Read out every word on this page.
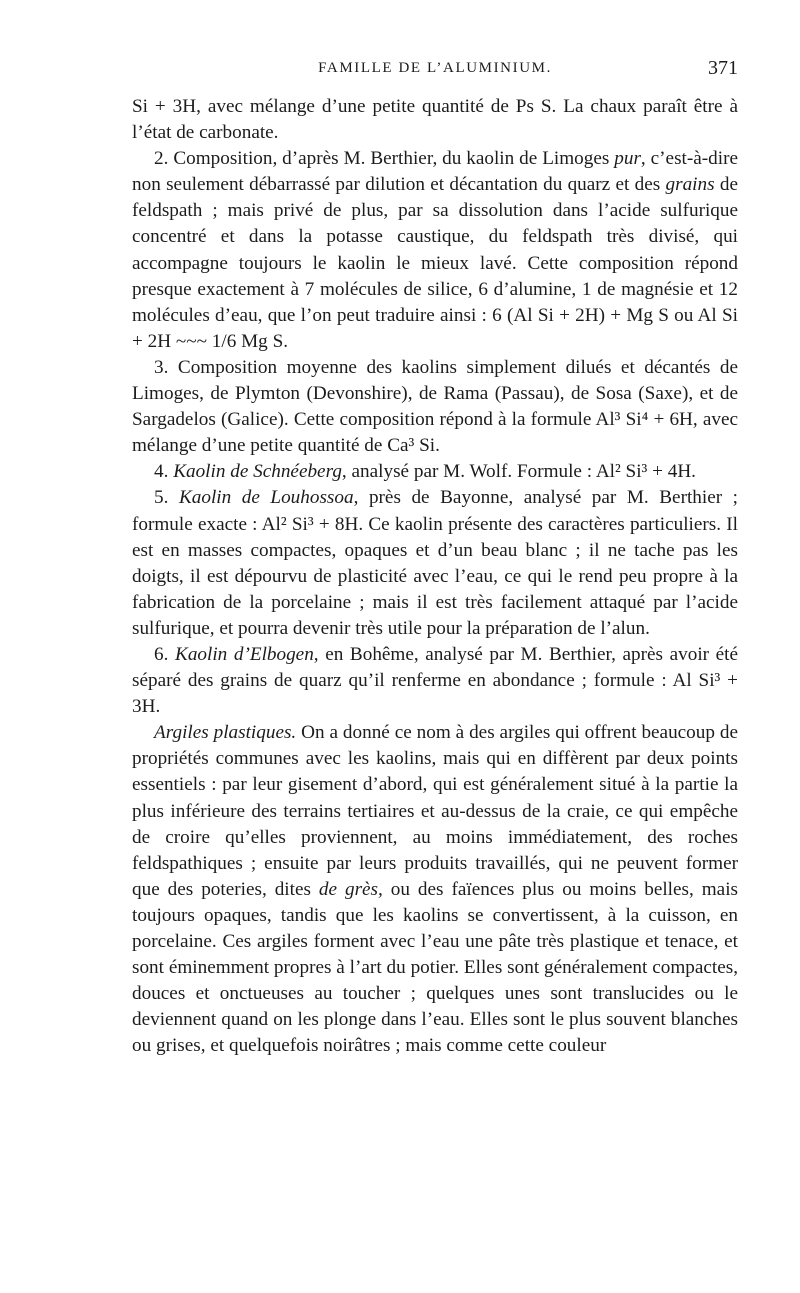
FAMILLE DE L’ALUMINIUM.	371

Si + 3H, avec mélange d’une petite quantité de Ps S. La chaux paraît être à l’état de carbonate.

2. Composition, d’après M. Berthier, du kaolin de Limoges pur, c’est-à-dire non seulement débarrassé par dilution et décantation du quarz et des grains de feldspath ; mais privé de plus, par sa dissolution dans l’acide sulfurique concentré et dans la potasse caustique, du feldspath très divisé, qui accompagne toujours le kaolin le mieux lavé. Cette composition répond presque exactement à 7 molécules de silice, 6 d’alumine, 1 de magnésie et 12 molécules d’eau, que l’on peut traduire ainsi : 6 (Al Si + 2H) + Mg S ou Al Si + 2H ~~~ 1/6 Mg S.

3. Composition moyenne des kaolins simplement dilués et décantés de Limoges, de Plymton (Devonshire), de Rama (Passau), de Sosa (Saxe), et de Sargadelos (Galice). Cette composition répond à la formule Al³ Si⁴ + 6H, avec mélange d’une petite quantité de Ca³ Si.

4. Kaolin de Schnéeberg, analysé par M. Wolf. Formule : Al² Si³ + 4H.

5. Kaolin de Louhossoa, près de Bayonne, analysé par M. Berthier ; formule exacte : Al² Si³ + 8H. Ce kaolin présente des caractères particuliers. Il est en masses compactes, opaques et d’un beau blanc ; il ne tache pas les doigts, il est dépourvu de plasticité avec l’eau, ce qui le rend peu propre à la fabrication de la porcelaine ; mais il est très facilement attaqué par l’acide sulfurique, et pourra devenir très utile pour la préparation de l’alun.

6. Kaolin d’Elbogen, en Bohême, analysé par M. Berthier, après avoir été séparé des grains de quarz qu’il renferme en abondance ; formule : Al Si³ + 3H.

Argiles plastiques. On a donné ce nom à des argiles qui offrent beaucoup de propriétés communes avec les kaolins, mais qui en diffèrent par deux points essentiels : par leur gisement d’abord, qui est généralement situé à la partie la plus inférieure des terrains tertiaires et au-dessus de la craie, ce qui empêche de croire qu’elles proviennent, au moins immédiatement, des roches feldspathiques ; ensuite par leurs produits travaillés, qui ne peuvent former que des poteries, dites de grès, ou des faïences plus ou moins belles, mais toujours opaques, tandis que les kaolins se convertissent, à la cuisson, en porcelaine. Ces argiles forment avec l’eau une pâte très plastique et tenace, et sont éminemment propres à l’art du potier. Elles sont généralement compactes, douces et onctueuses au toucher ; quelques unes sont translucides ou le deviennent quand on les plonge dans l’eau. Elles sont le plus souvent blanches ou grises, et quelquefois noirâtres ; mais comme cette couleur
